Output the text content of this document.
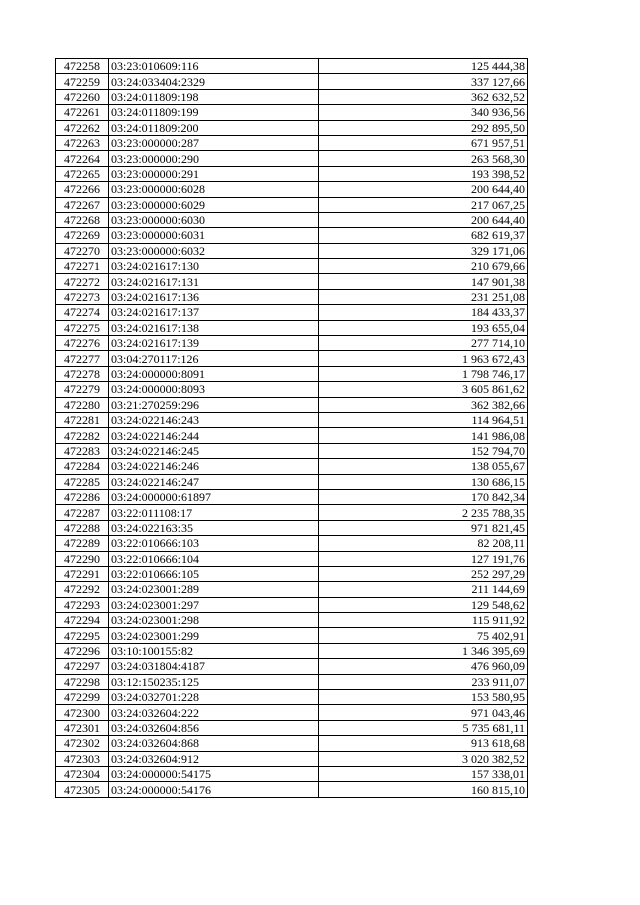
472258	03:23:010609:116	125 444,38
472259	03:24:033404:2329	337 127,66
472260	03:24:011809:198	362 632,52
472261	03:24:011809:199	340 936,56
472262	03:24:011809:200	292 895,50
472263	03:23:000000:287	671 957,51
472264	03:23:000000:290	263 568,30
472265	03:23:000000:291	193 398,52
472266	03:23:000000:6028	200 644,40
472267	03:23:000000:6029	217 067,25
472268	03:23:000000:6030	200 644,40
472269	03:23:000000:6031	682 619,37
472270	03:23:000000:6032	329 171,06
472271	03:24:021617:130	210 679,66
472272	03:24:021617:131	147 901,38
472273	03:24:021617:136	231 251,08
472274	03:24:021617:137	184 433,37
472275	03:24:021617:138	193 655,04
472276	03:24:021617:139	277 714,10
472277	03:04:270117:126	1 963 672,43
472278	03:24:000000:8091	1 798 746,17
472279	03:24:000000:8093	3 605 861,62
472280	03:21:270259:296	362 382,66
472281	03:24:022146:243	114 964,51
472282	03:24:022146:244	141 986,08
472283	03:24:022146:245	152 794,70
472284	03:24:022146:246	138 055,67
472285	03:24:022146:247	130 686,15
472286	03:24:000000:61897	170 842,34
472287	03:22:011108:17	2 235 788,35
472288	03:24:022163:35	971 821,45
472289	03:22:010666:103	82 208,11
472290	03:22:010666:104	127 191,76
472291	03:22:010666:105	252 297,29
472292	03:24:023001:289	211 144,69
472293	03:24:023001:297	129 548,62
472294	03:24:023001:298	115 911,92
472295	03:24:023001:299	75 402,91
472296	03:10:100155:82	1 346 395,69
472297	03:24:031804:4187	476 960,09
472298	03:12:150235:125	233 911,07
472299	03:24:032701:228	153 580,95
472300	03:24:032604:222	971 043,46
472301	03:24:032604:856	5 735 681,11
472302	03:24:032604:868	913 618,68
472303	03:24:032604:912	3 020 382,52
472304	03:24:000000:54175	157 338,01
472305	03:24:000000:54176	160 815,10
